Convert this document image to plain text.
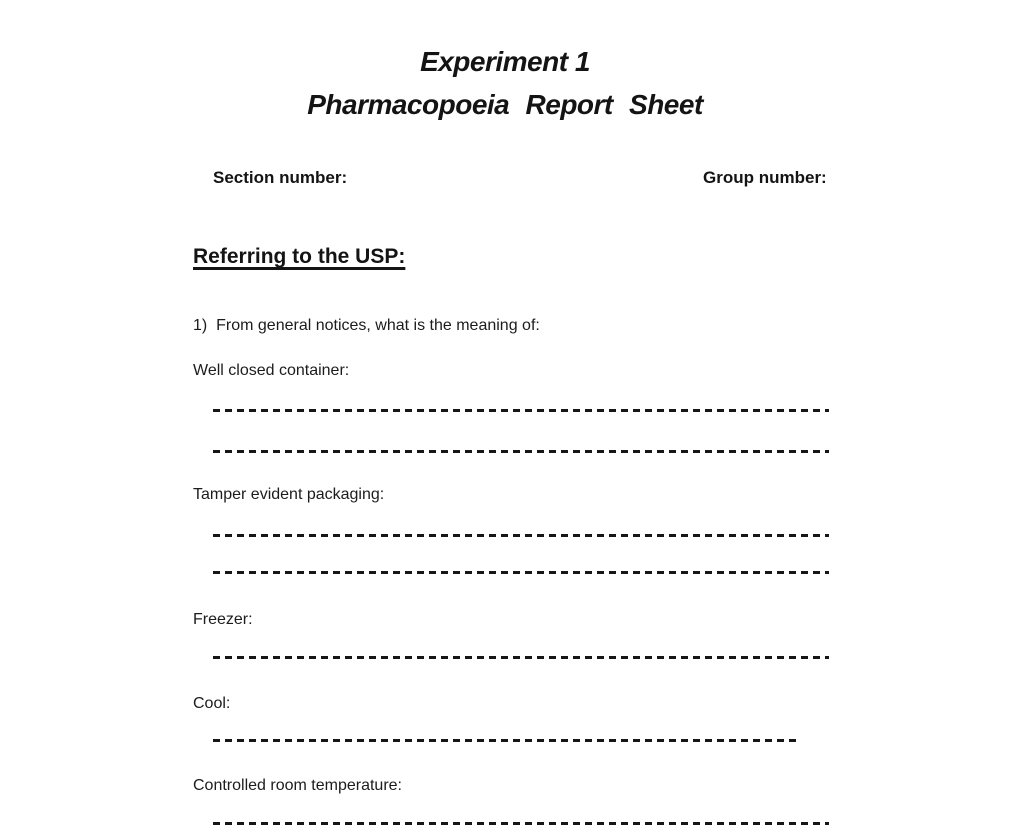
Experiment 1
Pharmacopoeia Report Sheet
Section number:	Group number:
Referring to the USP:
1)  From general notices, what is the meaning of:
Well closed container:
Tamper evident packaging:
Freezer:
Cool:
Controlled room temperature:
